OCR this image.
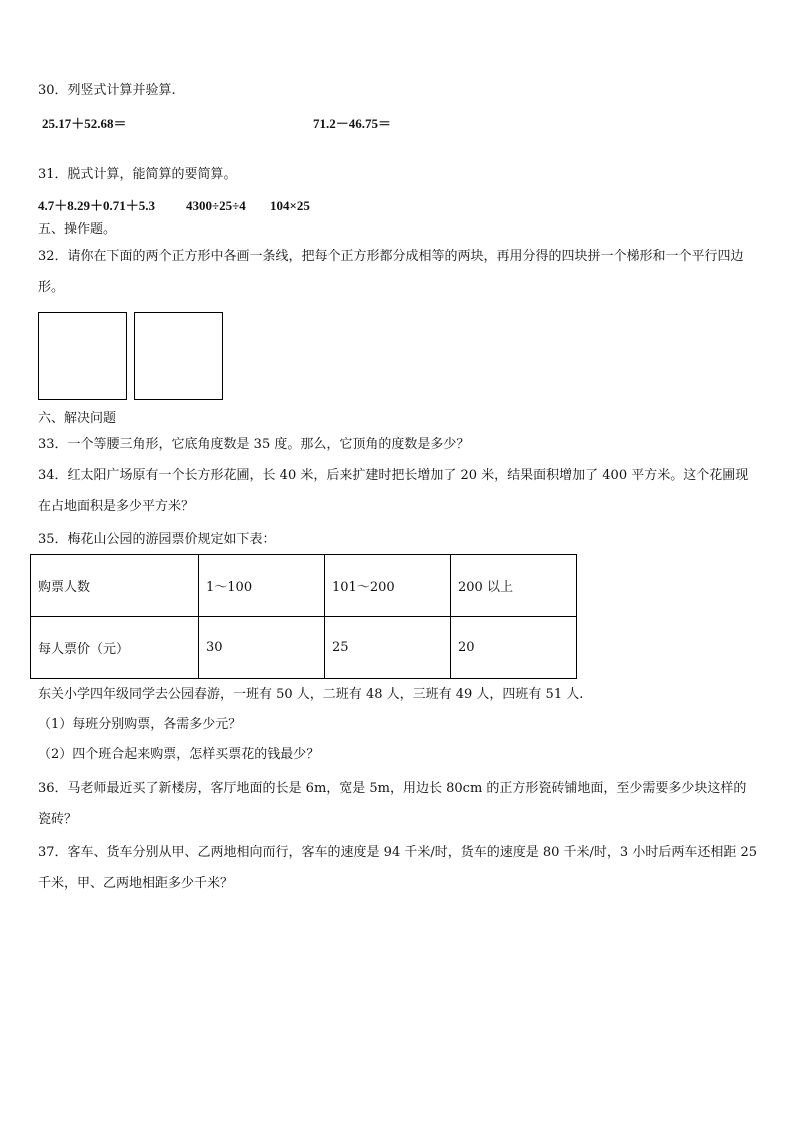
30．列竖式计算并验算.
25.17＋52.68＝	71.2－46.75＝
31．脱式计算，能简算的要简算。
4.7＋8.29＋0.71＋5.3 4300÷25÷4 104×25
五、操作题。
32．请你在下面的两个正方形中各画一条线，把每个正方形都分成相等的两块，再用分得的四块拼一个梯形和一个平行四边形。
六、解决问题
33．一个等腰三角形，它底角度数是 35 度。那么，它顶角的度数是多少？
34．红太阳广场原有一个长方形花圃，长 40 米，后来扩建时把长增加了 20 米，结果面积增加了 400 平方米。这个花圃现在占地面积是多少平方米？
35．梅花山公园的游园票价规定如下表：
购票人数	1～100	101～200	200 以上
每人票价（元）	30	25	20
东关小学四年级同学去公园春游，一班有 50 人，二班有 48 人，三班有 49 人，四班有 51 人.
（1）每班分别购票，各需多少元？
（2）四个班合起来购票，怎样买票花的钱最少？
36．马老师最近买了新楼房，客厅地面的长是 6m，宽是 5m，用边长 80cm 的正方形瓷砖铺地面，至少需要多少块这样的瓷砖？
37．客车、货车分别从甲、乙两地相向而行，客车的速度是 94 千米/时，货车的速度是 80 千米/时，3 小时后两车还相距 25 千米，甲、乙两地相距多少千米？
